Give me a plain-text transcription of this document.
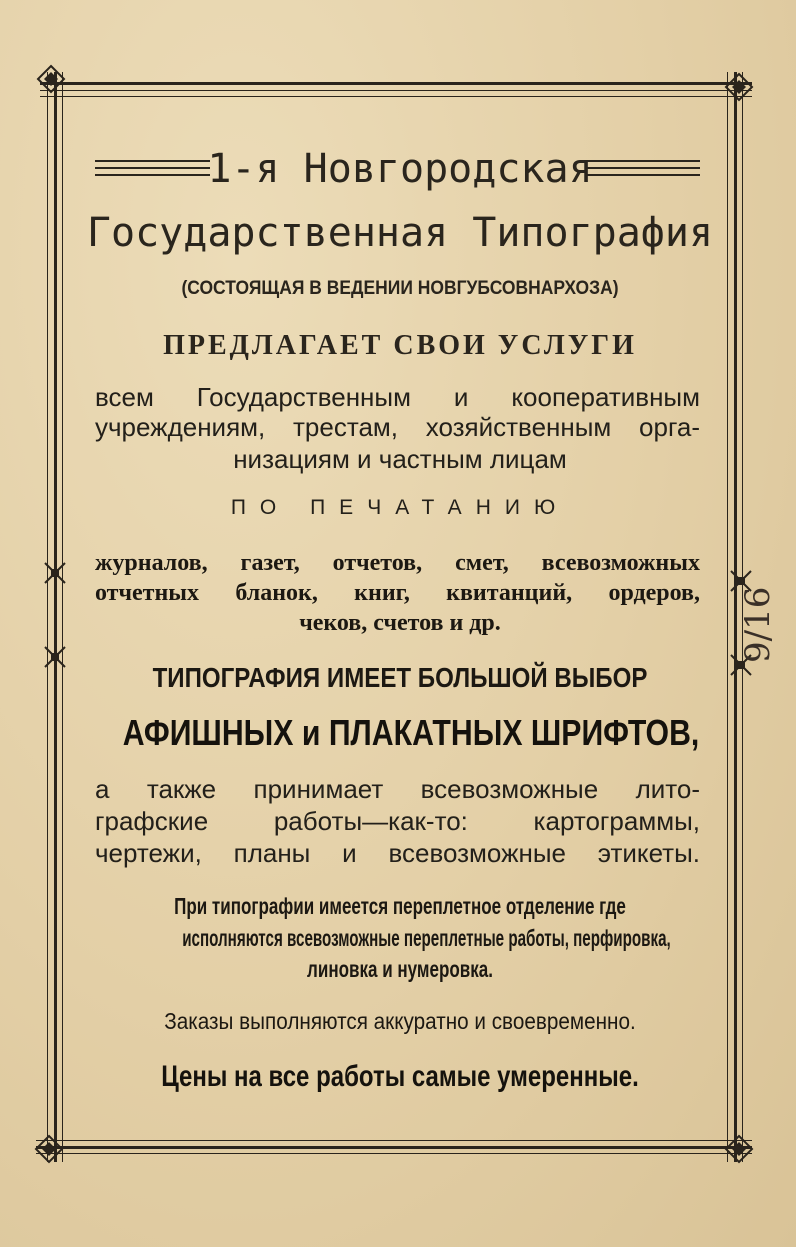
1-я Новгородская

Государственная Типография

(СОСТОЯЩАЯ В ВЕДЕНИИ НОВГУБСОВНАРХОЗА)

ПРЕДЛАГАЕТ СВОИ УСЛУГИ

всем Государственным и кооперативным

учреждениям, трестам, хозяйственным орга-

низациям и частным лицам

ПО ПЕЧАТАНИЮ

журналов, газет, отчетов, смет, всевозможных

отчетных бланок, книг, квитанций, ордеров,

чеков, счетов и др.

ТИПОГРАФИЯ ИМЕЕТ БОЛЬШОЙ ВЫБОР

АФИШНЫХ и ПЛАКАТНЫХ ШРИФТОВ,

а также принимает всевозможные лито-

графские работы—как-то: картограммы,

чертежи, планы и всевозможные этикеты.

При типографии имеется переплетное отделение где

исполняются всевозможные переплетные работы, перфировка,

линовка и нумеровка.

Заказы выполняются аккуратно и своевременно.

Цены на все работы самые умеренные.

9/16
